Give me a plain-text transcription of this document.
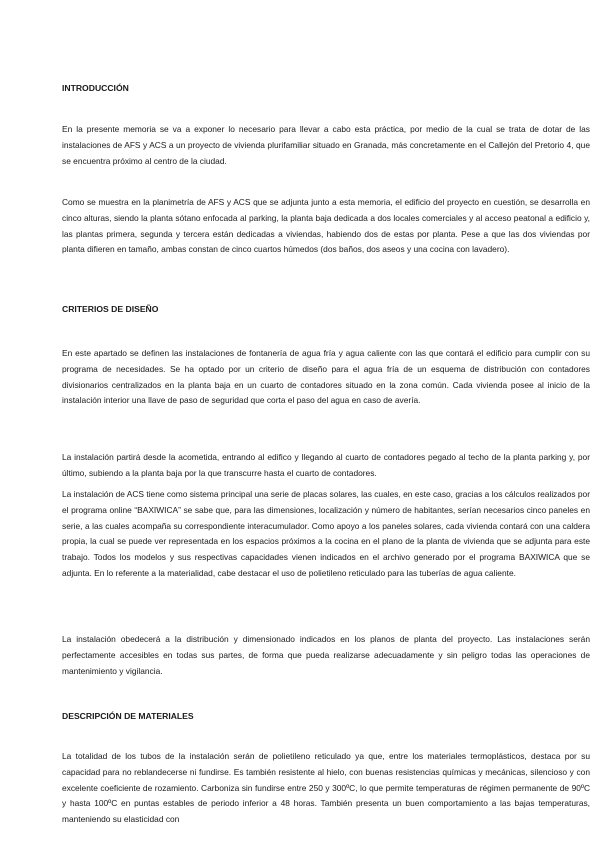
INTRODUCCIÓN

En la presente memoria se va a exponer lo necesario para llevar a cabo esta práctica, por medio de la cual se trata de dotar de las instalaciones de AFS y ACS a un proyecto de vivienda plurifamiliar situado en Granada, más concretamente en el Callejón del Pretorio 4, que se encuentra próximo al centro de la ciudad.

Como se muestra en la planimetría de AFS y ACS que se adjunta junto a esta memoria, el edificio del proyecto en cuestión, se desarrolla en cinco alturas, siendo la planta sótano enfocada al parking, la planta baja dedicada a dos locales comerciales y al acceso peatonal a edificio y, las plantas primera, segunda y tercera están dedicadas a viviendas, habiendo dos de estas por planta. Pese a que las dos viviendas por planta difieren en tamaño, ambas constan de cinco cuartos húmedos (dos baños, dos aseos y una cocina con lavadero).

CRITERIOS DE DISEÑO

En este apartado se definen las instalaciones de fontanería de agua fría y agua caliente con las que contará el edificio para cumplir con su programa de necesidades. Se ha optado por un criterio de diseño para el agua fría de un esquema de distribución con contadores divisionarios centralizados en la planta baja en un cuarto de contadores situado en la zona común. Cada vivienda posee al inicio de la instalación interior una llave de paso de seguridad que corta el paso del agua en caso de avería.

La instalación partirá desde la acometida, entrando al edifico y llegando al cuarto de contadores pegado al techo de la planta parking y, por último, subiendo a la planta baja por la que transcurre hasta el cuarto de contadores.

La instalación de ACS tiene como sistema principal una serie de placas solares, las cuales, en este caso, gracias a los cálculos realizados por el programa online “BAXIWICA” se sabe que, para las dimensiones, localización y número de habitantes, serían necesarios cinco paneles en serie, a las cuales acompaña su correspondiente interacumulador. Como apoyo a los paneles solares, cada vivienda contará con una caldera propia, la cual se puede ver representada en los espacios próximos a la cocina en el plano de la planta de vivienda que se adjunta para este trabajo. Todos los modelos y sus respectivas capacidades vienen indicados en el archivo generado por el programa BAXIWICA que se adjunta. En lo referente a la materialidad, cabe destacar el uso de polietileno reticulado para las tuberías de agua caliente.

La instalación obedecerá a la distribución y dimensionado indicados en los planos de planta del proyecto. Las instalaciones serán perfectamente accesibles en todas sus partes, de forma que pueda realizarse adecuadamente y sin peligro todas las operaciones de mantenimiento y vigilancia.

DESCRIPCIÓN DE MATERIALES

La totalidad de los tubos de la instalación serán de polietileno reticulado ya que, entre los materiales termoplásticos, destaca por su capacidad para no reblandecerse ni fundirse. Es también resistente al hielo, con buenas resistencias químicas y mecánicas, silencioso y con excelente coeficiente de rozamiento. Carboniza sin fundirse entre 250 y 300ºC, lo que permite temperaturas de régimen permanente de 90ºC y hasta 100ºC en puntas estables de periodo inferior a 48 horas. También presenta un buen comportamiento a las bajas temperaturas, manteniendo su elasticidad con
